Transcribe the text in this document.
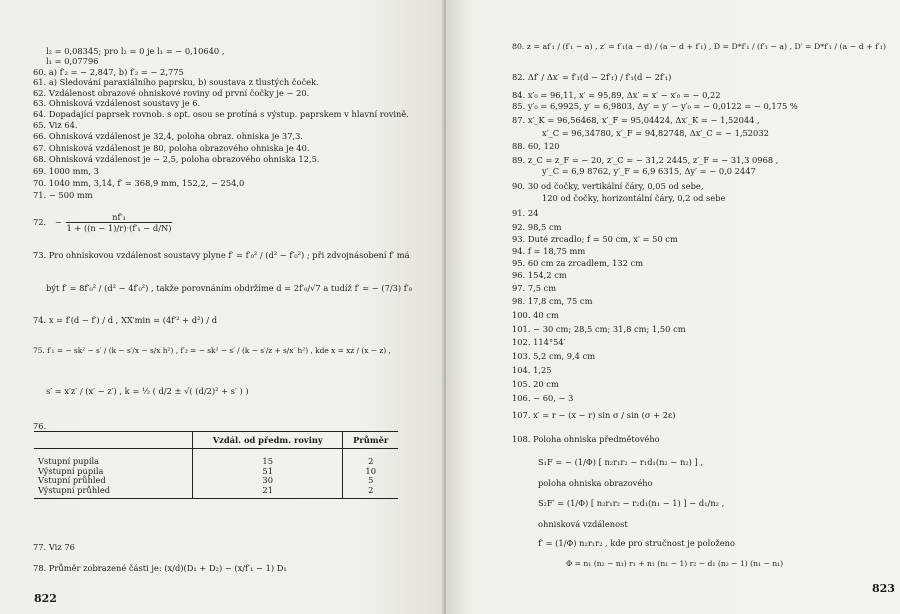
l₂ = 0,08345; pro l₂ = 0 je l₁ = − 0,10640 ,
l₁ = 0,07796
60. a) f′₂ = − 2,847, b) f′₂ = − 2,775
61. a) Sledování paraxiálního paprsku, b) soustava z tlustých čoček.
62. Vzdálenost obrazové ohniskové roviny od první čočky je − 20.
63. Ohnisková vzdálenost soustavy je 6.
64. Dopadající paprsek rovnob. s opt. osou se protíná s výstup. paprskem v hlavní rovině.
65. Viz 64.
66. Ohnisková vzdálenost je 32,4, poloha obraz. ohniska je 37,3.
67. Ohnisková vzdálenost je 80, poloha obrazového ohniska je 40.
68. Ohnisková vzdálenost je − 2,5, poloha obrazového ohniska 12,5.
69. 1000 mm, 3
70. 1040 mm, 3,14, f′ = 368,9 mm, 152,2, − 254,0
71. − 500 mm
72. − $\frac{\text{nf′₁}}{\text{1 + ((n − 1)/r)·(f′₁ − d/N)}}$
73. Pro ohniskovou vzdálenost soustavy plyne f′ = f′₀² / (d² − f′₀²) ; při zdvojnásobení f′ má
být f′ = 8f′₀² / (d² − 4f′₀²) , takže porovnáním obdržíme d = 2f′₀/√7 a tudíž f′ = − (7/3) f′₀
74. x = f′(d − f′) / d , XX′min = (4f′² + d²) / d
75. f′₁ = − sk² − s′ / (k − s′/x − s/x h²) , f′₂ = − sk² − s′ / (k − s′/z + s/x′ h²) , kde x = xz / (x − z) ,
s′ = x′z′ / (x′ − z′) , k = ½ ( d/2 ± √( (d/2)² + s′ ) )
76.
	Vzdál. od předm. roviny	Průměr
Vstupní pupila	15	2
Výstupní pupila	51	10
Vstupní průhled	30	5
Výstupní průhled	21	2
77. Viz 76
78. Průměr zobrazené části je: (x/d)(D₁ + D₂) − (x/f′₁ − 1) D₁
822
80. z = af′₁ / (f′₁ − a) , z′ = f′₁(a − d) / (a − d + f′₁) , D = D*f′₁ / (f′₁ − a) , D′ = D*f′₁ / (a − d + f′₁)
82. Δf′ / Δx′ = f′₁(d − 2f′₁) / f′₁(d − 2f′₁)
84. x′₀ = 96,11, x′ = 95,89, Δx′ = x′ − x′₀ = − 0,22
85. y′₀ = 6,9925, y′ = 6,9803, Δy′ = y′ − y′₀ = − 0,0122 = − 0,175 %
87. x′_K = 96,56468, x′_F = 95,04424, Δx′_K = − 1,52044 ,
x′_C = 96,34780, x′_F = 94,82748, Δx′_C = − 1,52032
88. 60, 120
89. z_C = z_F = − 20, z′_C = − 31,2 2445, z′_F = − 31,3 0968 ,
y′_C = 6,9 8762, y′_F = 6,9 6315, Δy′ = − 0,0 2447
90. 30 od čočky, vertikální čáry, 0,05 od sebe,
120 od čočky, horizontální čáry, 0,2 od sebe
91. 24
92. 98,5 cm
93. Duté zrcadlo; f = 50 cm, x′ = 50 cm
94. f = 18,75 mm
95. 60 cm za zrcadlem, 132 cm
96. 154,2 cm
97. 7,5 cm
98. 17,8 cm, 75 cm
100. 40 cm
101. − 30 cm; 28,5 cm; 31,8 cm; 1,50 cm
102. 114°54′
103. 5,2 cm, 9,4 cm
104. 1,25
105. 20 cm
106. − 60, − 3
107. x′ = r − (x − r) sin σ / sin (σ + 2ε)
108. Poloha ohniska předmětového
S₁F = − (1/Φ) [ n₂r₁r₂ − r₁d₁(n₂ − n₂) ] ,
poloha ohniska obrazového
S₂F′ = (1/Φ) [ n₂r₁r₂ − r₂d₁(n₁ − 1) ] − d₁/n₂ ,
ohnisková vzdálenost
f′ = (1/Φ) n₂r₁r₂ , kde pro stručnost je položeno
Φ = n₁ (n₂ − n₁) r₁ + n₁ (n₁ − 1) r₂ − d₁ (n₂ − 1) (n₁ − n₁)
823
